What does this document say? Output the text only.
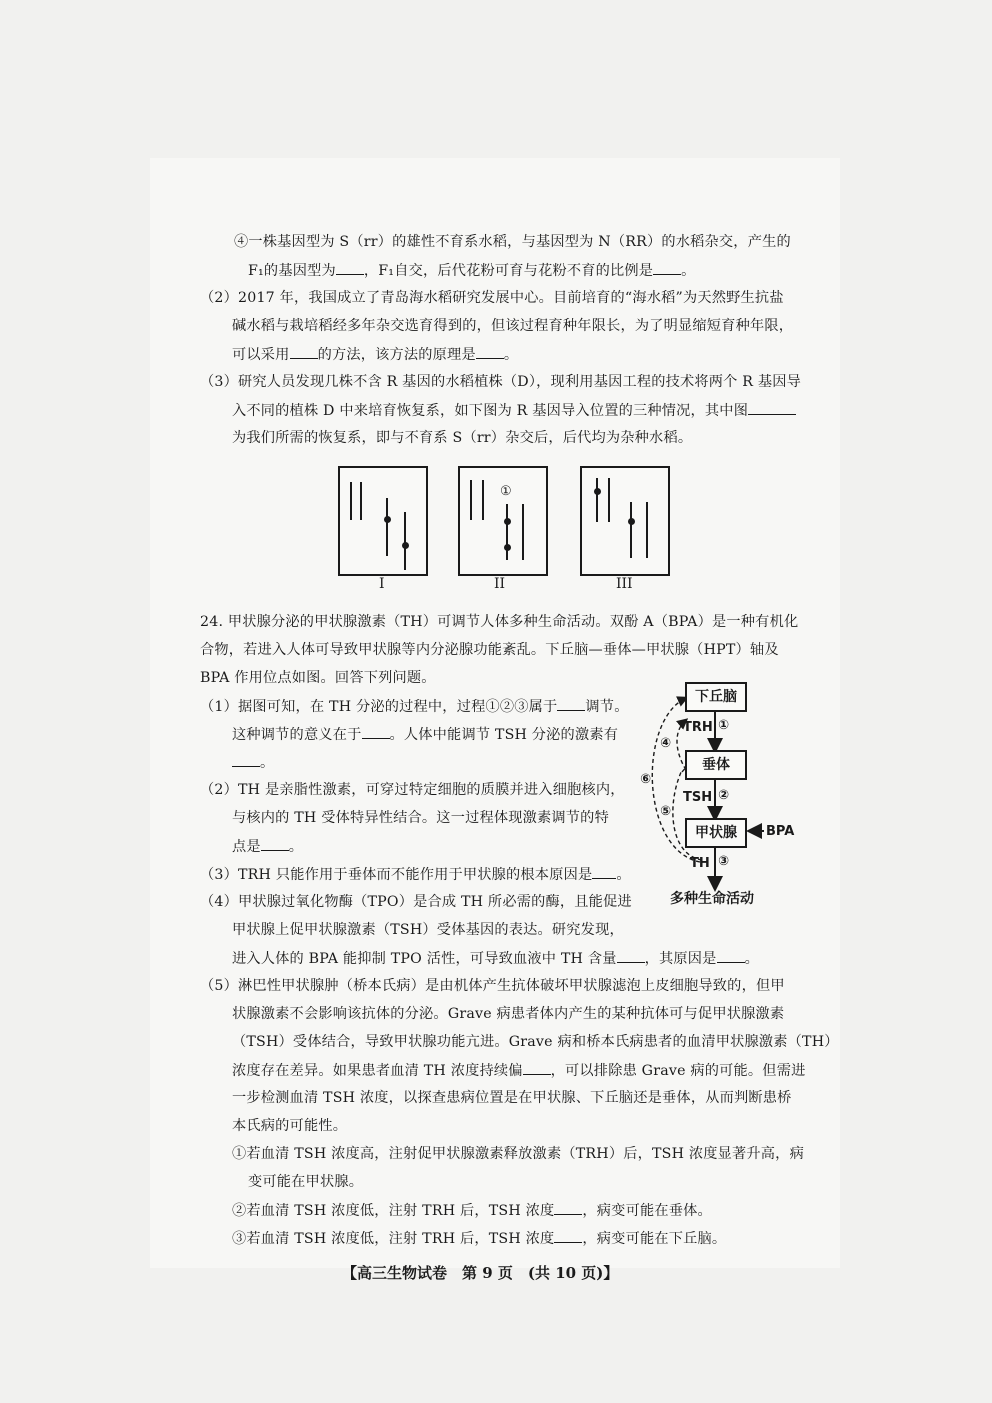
④一株基因型为 S（rr）的雄性不育系水稻，与基因型为 N（RR）的水稻杂交，产生的
F₁的基因型为 ，F₁自交，后代花粉可育与花粉不育的比例是 。
（2）2017 年，我国成立了青岛海水稻研究发展中心。目前培育的“海水稻”为天然野生抗盐
碱水稻与栽培稻经多年杂交选育得到的，但该过程育种年限长，为了明显缩短育种年限，
可以采用 的方法，该方法的原理是 。
（3）研究人员发现几株不含 R 基因的水稻植株（D），现利用基因工程的技术将两个 R 基因导
入不同的植株 D 中来培育恢复系，如下图为 R 基因导入位置的三种情况，其中图
为我们所需的恢复系，即与不育系 S（rr）杂交后，后代均为杂种水稻。
I
①
II	III
24. 甲状腺分泌的甲状腺激素（TH）可调节人体多种生命活动。双酚 A（BPA）是一种有机化
合物，若进入人体可导致甲状腺等内分泌腺功能紊乱。下丘脑—垂体—甲状腺（HPT）轴及
BPA 作用位点如图。回答下列问题。
（1）据图可知，在 TH 分泌的过程中，过程①②③属于 调节。
这种调节的意义在于 。人体中能调节 TSH 分泌的激素有
。
（2）TH 是亲脂性激素，可穿过特定细胞的质膜并进入细胞核内，
与核内的 TH 受体特异性结合。这一过程体现激素调节的特
点是 。
（3）TRH 只能作用于垂体而不能作用于甲状腺的根本原因是 。
（4）甲状腺过氧化物酶（TPO）是合成 TH 所必需的酶，且能促进
甲状腺上促甲状腺激素（TSH）受体基因的表达。研究发现，
进入人体的 BPA 能抑制 TPO 活性，可导致血液中 TH 含量 ，其原因是 。
下丘脑
垂体
甲状腺
TRH ①
TSH ②
TH ③
④
⑥
⑤
BPA
多种生命活动
（5）淋巴性甲状腺肿（桥本氏病）是由机体产生抗体破坏甲状腺滤泡上皮细胞导致的，但甲
状腺激素不会影响该抗体的分泌。Grave 病患者体内产生的某种抗体可与促甲状腺激素
（TSH）受体结合，导致甲状腺功能亢进。Grave 病和桥本氏病患者的血清甲状腺激素（TH）
浓度存在差异。如果患者血清 TH 浓度持续偏 ，可以排除患 Grave 病的可能。但需进
一步检测血清 TSH 浓度，以探查患病位置是在甲状腺、下丘脑还是垂体，从而判断患桥
本氏病的可能性。
①若血清 TSH 浓度高，注射促甲状腺激素释放激素（TRH）后，TSH 浓度显著升高，病
变可能在甲状腺。
②若血清 TSH 浓度低，注射 TRH 后，TSH 浓度 ，病变可能在垂体。
③若血清 TSH 浓度低，注射 TRH 后，TSH 浓度 ，病变可能在下丘脑。
【高三生物试卷　第 9 页　(共 10 页)】
